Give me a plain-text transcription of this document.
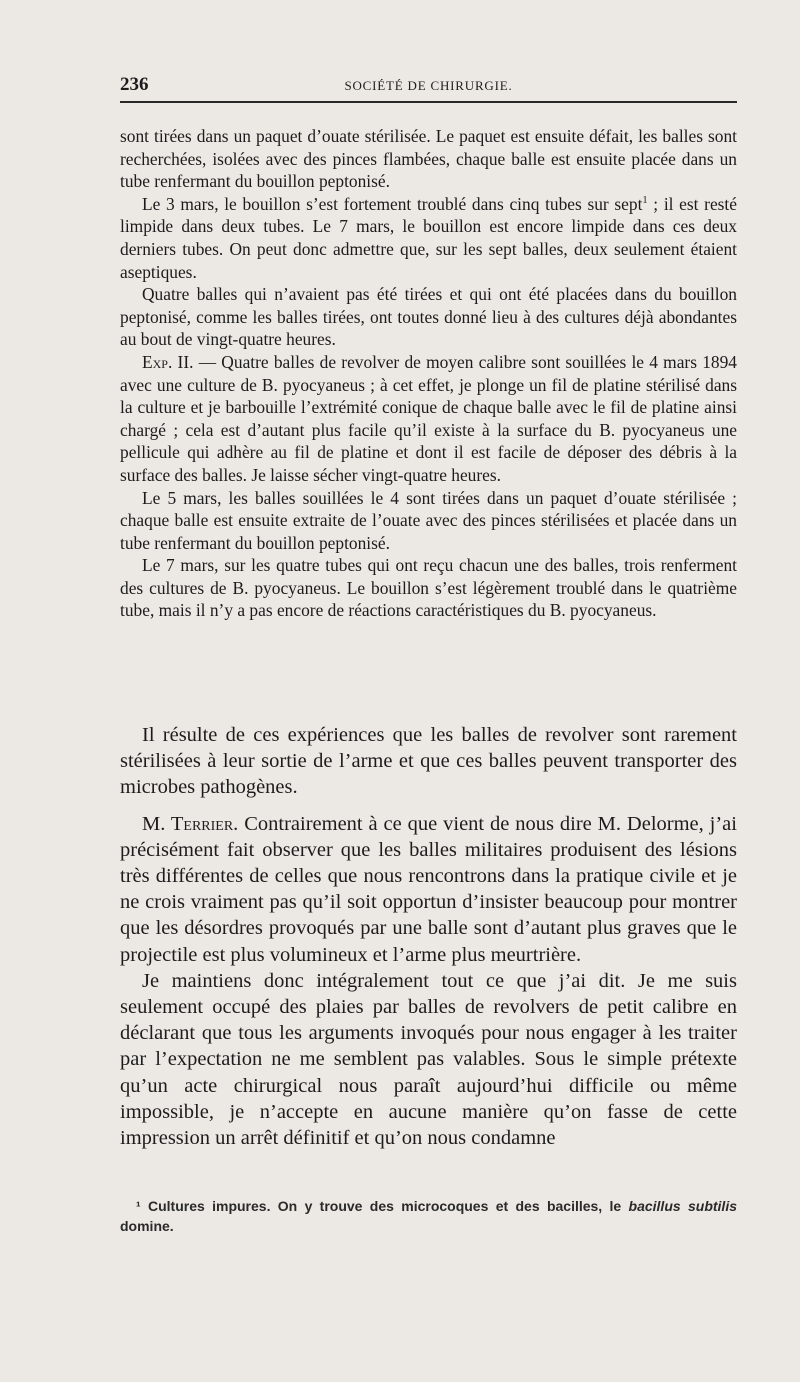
236	SOCIÉTÉ DE CHIRURGIE.

sont tirées dans un paquet d’ouate stérilisée. Le paquet est ensuite défait, les balles sont recherchées, isolées avec des pinces flambées, chaque balle est ensuite placée dans un tube renfermant du bouillon peptonisé.

Le 3 mars, le bouillon s’est fortement troublé dans cinq tubes sur sept$^1$ ; il est resté limpide dans deux tubes. Le 7 mars, le bouillon est encore limpide dans ces deux derniers tubes. On peut donc admettre que, sur les sept balles, deux seulement étaient aseptiques.

Quatre balles qui n’avaient pas été tirées et qui ont été placées dans du bouillon peptonisé, comme les balles tirées, ont toutes donné lieu à des cultures déjà abondantes au bout de vingt-quatre heures.

Exp. II. — Quatre balles de revolver de moyen calibre sont souillées le 4 mars 1894 avec une culture de B. pyocyaneus ; à cet effet, je plonge un fil de platine stérilisé dans la culture et je barbouille l’extrémité conique de chaque balle avec le fil de platine ainsi chargé ; cela est d’autant plus facile qu’il existe à la surface du B. pyocyaneus une pellicule qui adhère au fil de platine et dont il est facile de déposer des débris à la surface des balles. Je laisse sécher vingt-quatre heures.

Le 5 mars, les balles souillées le 4 sont tirées dans un paquet d’ouate stérilisée ; chaque balle est ensuite extraite de l’ouate avec des pinces stérilisées et placée dans un tube renfermant du bouillon peptonisé.

Le 7 mars, sur les quatre tubes qui ont reçu chacun une des balles, trois renferment des cultures de B. pyocyaneus. Le bouillon s’est légèrement troublé dans le quatrième tube, mais il n’y a pas encore de réactions caractéristiques du B. pyocyaneus.

Il résulte de ces expériences que les balles de revolver sont rarement stérilisées à leur sortie de l’arme et que ces balles peuvent transporter des microbes pathogènes.

M. Terrier. Contrairement à ce que vient de nous dire M. Delorme, j’ai précisément fait observer que les balles militaires produisent des lésions très différentes de celles que nous rencontrons dans la pratique civile et je ne crois vraiment pas qu’il soit opportun d’insister beaucoup pour montrer que les désordres provoqués par une balle sont d’autant plus graves que le projectile est plus volumineux et l’arme plus meurtrière.

Je maintiens donc intégralement tout ce que j’ai dit. Je me suis seulement occupé des plaies par balles de revolvers de petit calibre en déclarant que tous les arguments invoqués pour nous engager à les traiter par l’expectation ne me semblent pas valables. Sous le simple prétexte qu’un acte chirurgical nous paraît aujourd’hui difficile ou même impossible, je n’accepte en aucune manière qu’on fasse de cette impression un arrêt définitif et qu’on nous condamne

¹ Cultures impures. On y trouve des microcoques et des bacilles, le bacillus subtilis domine.
